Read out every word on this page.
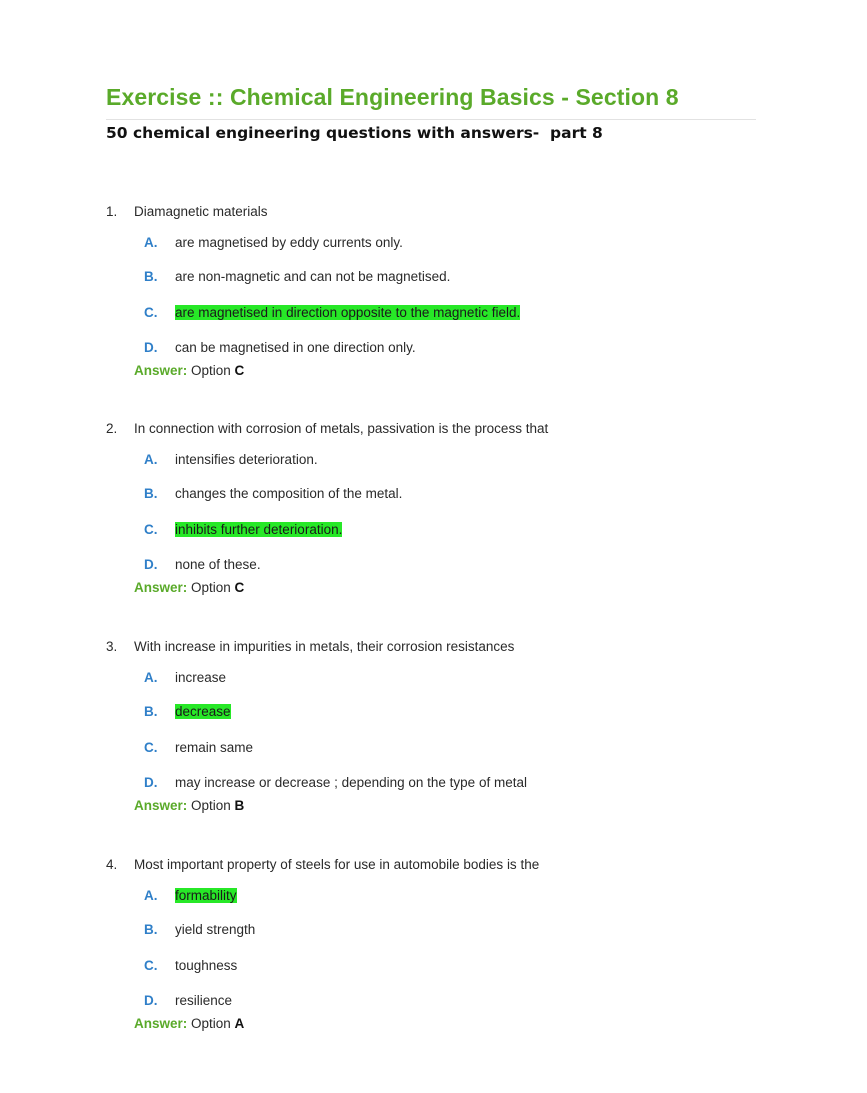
Exercise :: Chemical Engineering Basics - Section 8
50 chemical engineering questions with answers-  part 8
1. Diamagnetic materials
A. are magnetised by eddy currents only.
B. are non-magnetic and can not be magnetised.
C. are magnetised in direction opposite to the magnetic field.
D. can be magnetised in one direction only.
Answer: Option C
2. In connection with corrosion of metals, passivation is the process that
A. intensifies deterioration.
B. changes the composition of the metal.
C. inhibits further deterioration.
D. none of these.
Answer: Option C
3. With increase in impurities in metals, their corrosion resistances
A. increase
B. decrease
C. remain same
D. may increase or decrease ; depending on the type of metal
Answer: Option B
4. Most important property of steels for use in automobile bodies is the
A. formability
B. yield strength
C. toughness
D. resilience
Answer: Option A
